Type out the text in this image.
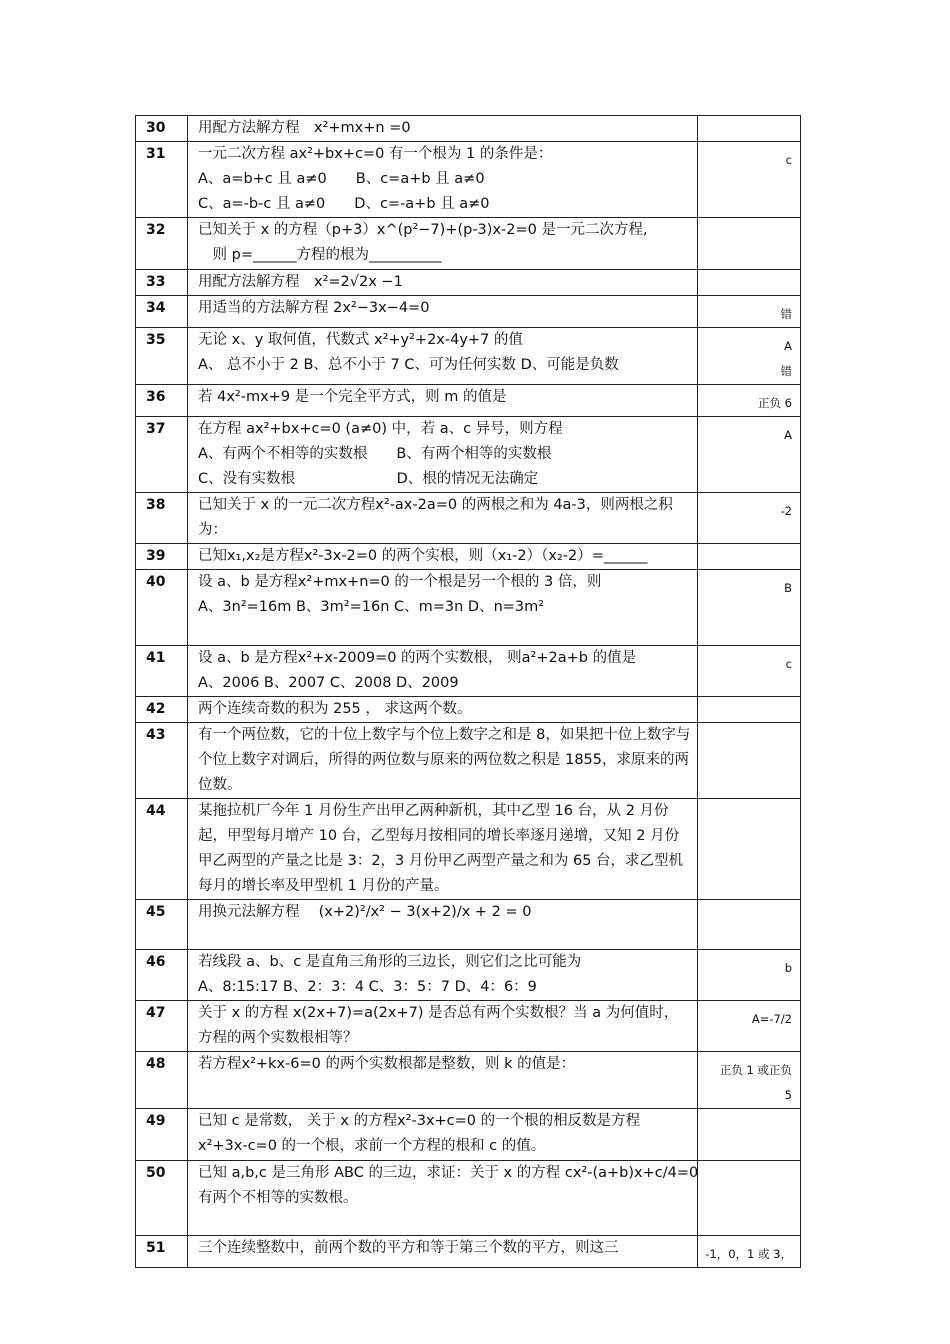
30	用配方法解方程　x²+mx+n =0	

31	一元二次方程 ax²+bx+c=0 有一个根为 1 的条件是：
A、a=b+c 且 a≠0　　B、c=a+b 且 a≠0
C、a=-b-c 且 a≠0　　D、c=-a+b 且 a≠0	c

32	已知关于 x 的方程（p+3）x^(p²−7)+(p-3)x-2=0 是一元二次方程,
　则 p=______方程的根为__________	

33	用配方法解方程　x²=2√2x −1	

34	用适当的方法解方程 2x²−3x−4=0	错

35	无论 x、y 取何值，代数式 x²+y²+2x-4y+7 的值
A、 总不小于 2 B、总不小于 7 C、可为任何实数 D、可能是负数	A
错

36	若 4x²-mx+9 是一个完全平方式，则 m 的值是	正负 6

37	在方程 ax²+bx+c=0 (a≠0) 中，若 a、c 异号，则方程
A、有两个不相等的实数根　　B、有两个相等的实数根
C、没有实数根　　　　　　　D、根的情况无法确定	A

38	已知关于 x 的一元二次方程x²-ax-2a=0 的两根之和为 4a-3，则两根之积为：	-2

39	已知x₁,x₂是方程x²-3x-2=0 的两个实根，则（x₁-2）（x₂-2）=______	

40	设 a、b 是方程x²+mx+n=0 的一个根是另一个根的 3 倍，则
A、3n²=16m B、3m²=16n C、m=3n D、n=3m²	B

41	设 a、b 是方程x²+x-2009=0 的两个实数根， 则a²+2a+b 的值是
A、2006 B、2007 C、2008 D、2009	c

42	两个连续奇数的积为 255 ， 求这两个数。	

43	有一个两位数，它的十位上数字与个位上数字之和是 8，如果把十位上数字与个位上数字对调后，所得的两位数与原来的两位数之积是 1855，求原来的两位数。	

44	某拖拉机厂今年 1 月份生产出甲乙两种新机，其中乙型 16 台，从 2 月份起，甲型每月增产 10 台，乙型每月按相同的增长率逐月递增，又知 2 月份甲乙两型的产量之比是 3：2，3 月份甲乙两型产量之和为 65 台，求乙型机每月的增长率及甲型机 1 月份的产量。	

45	用换元法解方程　 (x+2)²/x² − 3(x+2)/x + 2 = 0	

46	若线段 a、b、c 是直角三角形的三边长，则它们之比可能为
A、8:15:17 B、2：3：4 C、3：5：7 D、4：6：9	b

47	关于 x 的方程 x(2x+7)=a(2x+7) 是否总有两个实数根？当 a 为何值时，方程的两个实数根相等？	A=-7/2

48	若方程x²+kx-6=0 的两个实数根都是整数，则 k 的值是：	正负 1 或正负
5

49	已知 c 是常数， 关于 x 的方程x²-3x+c=0 的一个根的相反数是方程
x²+3x-c=0 的一个根，求前一个方程的根和 c 的值。	

50	已知 a,b,c 是三角形 ABC 的三边，求证：关于 x 的方程 cx²-(a+b)x+c/4=0
有两个不相等的实数根。	

51	三个连续整数中，前两个数的平方和等于第三个数的平方，则这三	-1，0，1 或 3，
